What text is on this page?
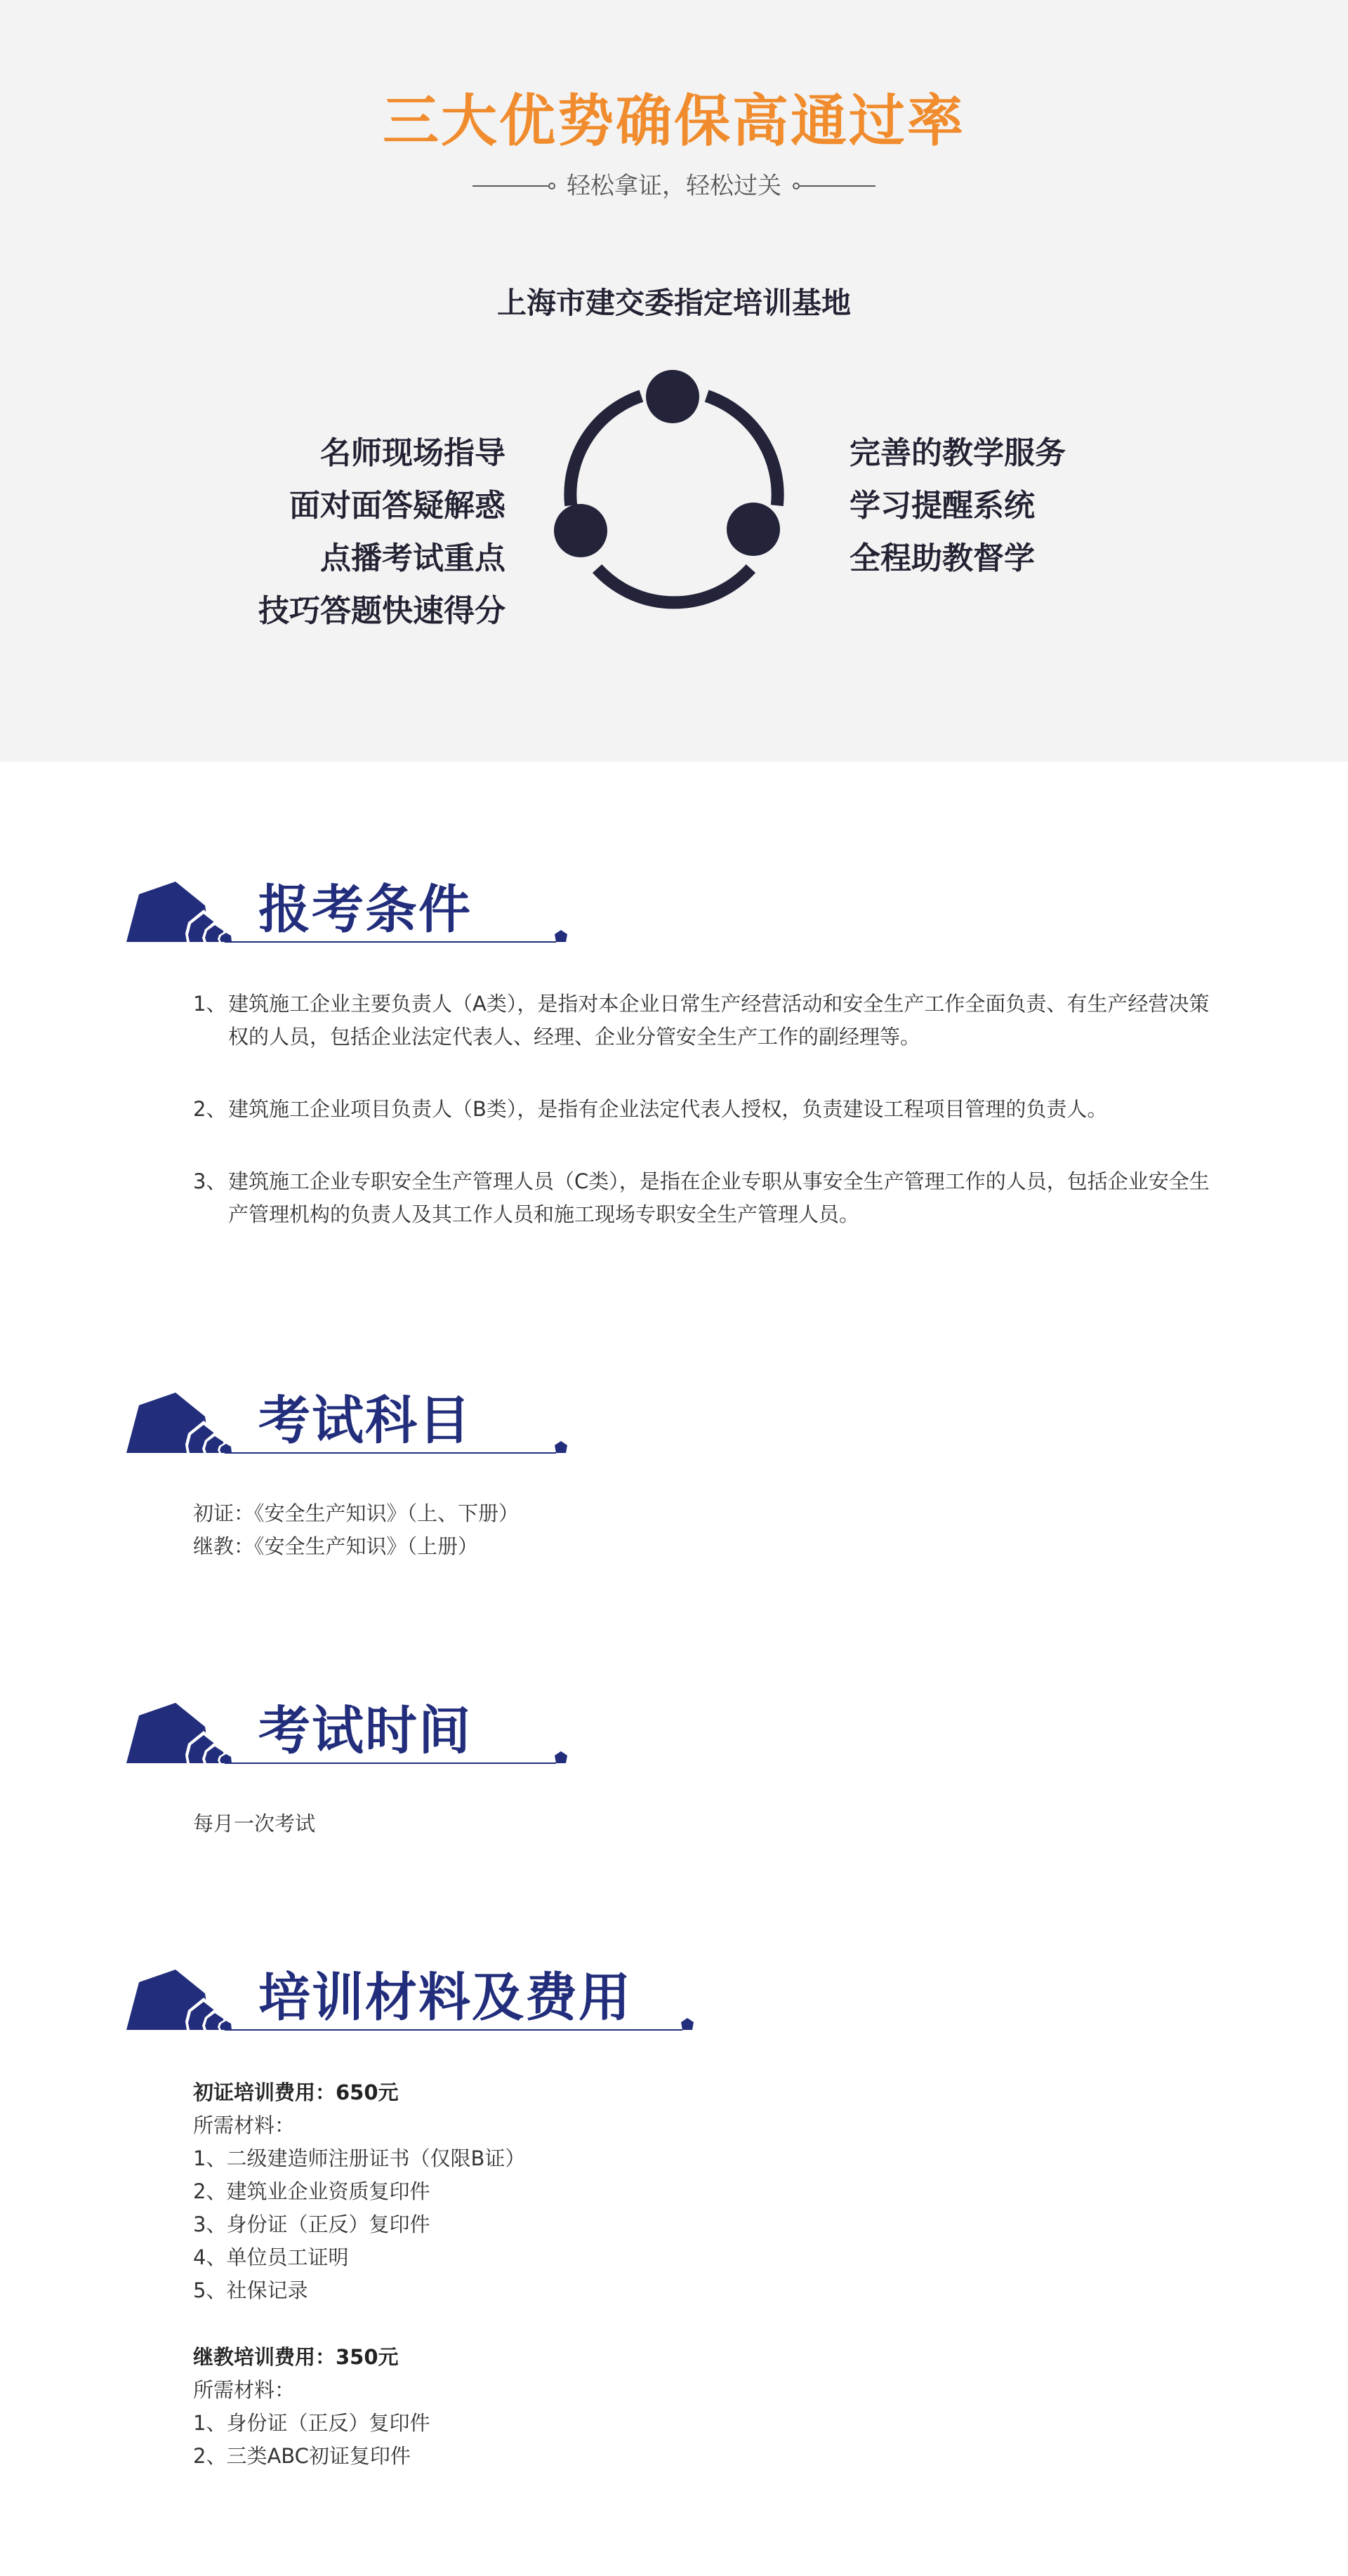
三大优势确保高通过率
轻松拿证，轻松过关
上海市建交委指定培训基地
名师现场指导
面对面答疑解惑
点播考试重点
技巧答题快速得分
完善的教学服务
学习提醒系统
全程助教督学
报考条件
1、 建筑施工企业主要负责人（A类），是指对本企业日常生产经营活动和安全生产工作全面负责、有生产经营决策权的人员，包括企业法定代表人、经理、企业分管安全生产工作的副经理等。
2、 建筑施工企业项目负责人（B类），是指有企业法定代表人授权，负责建设工程项目管理的负责人。
3、 建筑施工企业专职安全生产管理人员（C类），是指在企业专职从事安全生产管理工作的人员，包括企业安全生产管理机构的负责人及其工作人员和施工现场专职安全生产管理人员。
考试科目
初证：《安全生产知识》（上、下册）
继教：《安全生产知识》（上册）
考试时间
每月一次考试
培训材料及费用
初证培训费用：650元
所需材料：
1、二级建造师注册证书（仅限B证）
2、建筑业企业资质复印件
3、身份证（正反）复印件
4、单位员工证明
5、社保记录
继教培训费用：350元
所需材料：
1、身份证（正反）复印件
2、三类ABC初证复印件
